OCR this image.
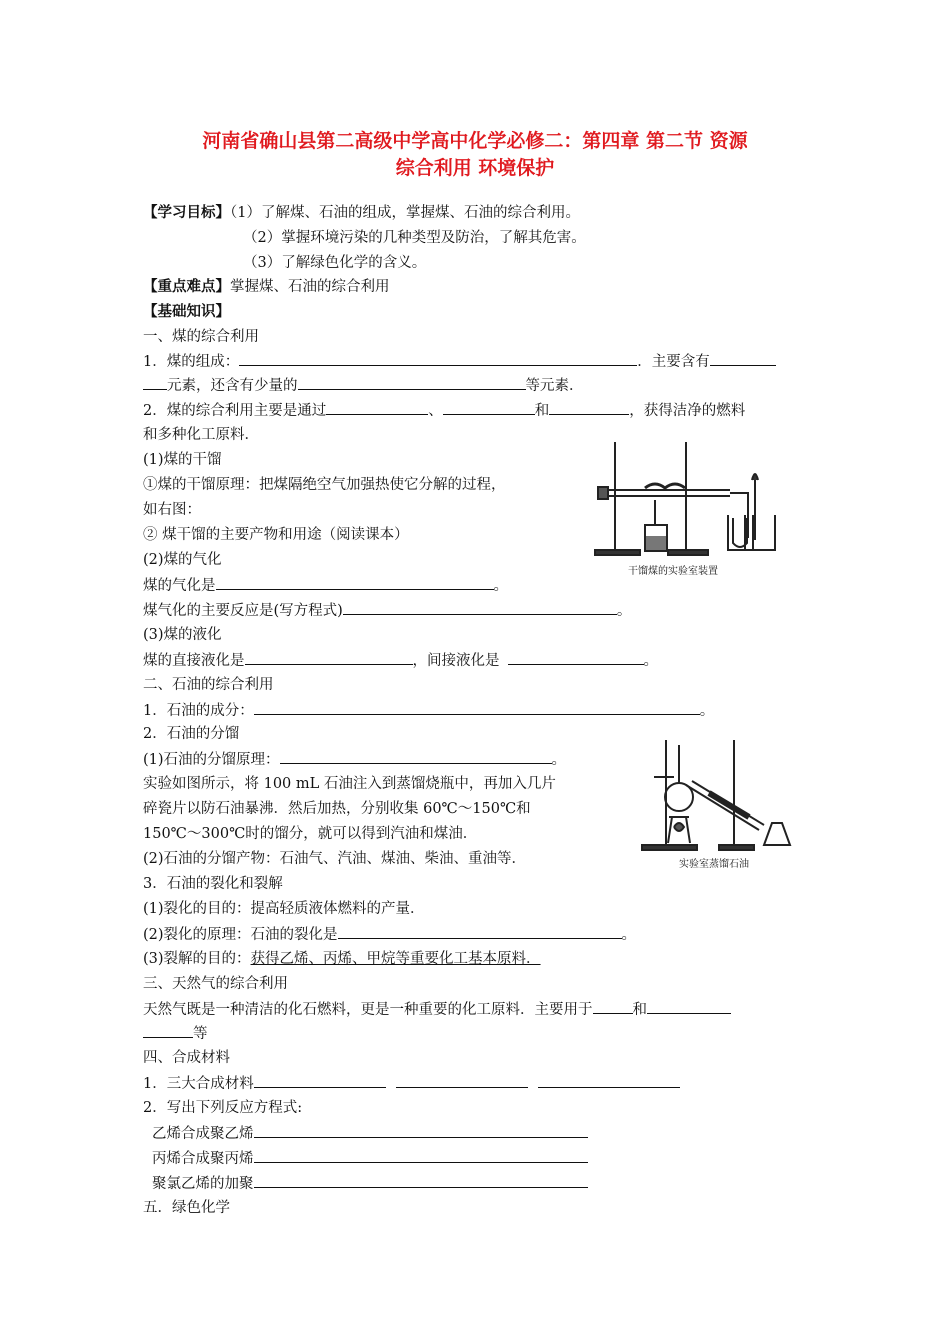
河南省确山县第二高级中学高中化学必修二：第四章 第二节 资源
综合利用 环境保护
【学习目标】（1）了解煤、石油的组成，掌握煤、石油的综合利用。
（2）掌握环境污染的几种类型及防治，了解其危害。
（3）了解绿色化学的含义。
【重点难点】掌握煤、石油的综合利用
【基础知识】
一、煤的综合利用
1．煤的组成：	．主要含有
元素，还含有少量的	等元素．
2．煤的综合利用主要是通过	、	和	，获得洁净的燃料
和多种化工原料．
(1)煤的干馏
①煤的干馏原理：把煤隔绝空气加强热使它分解的过程，
如右图：
② 煤干馏的主要产物和用途（阅读课本）
(2)煤的气化
煤的气化是	。
煤气化的主要反应是(写方程式)	。
(3)煤的液化
煤的直接液化是	，间接液化是	。
干馏煤的实验室装置
二、石油的综合利用
1．石油的成分：	。
2．石油的分馏
(1)石油的分馏原理：	。
实验如图所示，将 100 mL 石油注入到蒸馏烧瓶中，再加入几片
碎瓷片以防石油暴沸．然后加热，分别收集 60℃～150℃和
150℃～300℃时的馏分，就可以得到汽油和煤油．
(2)石油的分馏产物：石油气、汽油、煤油、柴油、重油等．
3．石油的裂化和裂解
(1)裂化的目的：提高轻质液体燃料的产量．
(2)裂化的原理：石油的裂化是	。
(3)裂解的目的：获得乙烯、丙烯、甲烷等重要化工基本原料．
实验室蒸馏石油
三、天然气的综合利用
天然气既是一种清洁的化石燃料，更是一种重要的化工原料．主要用于	和
等
四、合成材料
1．三大合成材料
2．写出下列反应方程式:
乙烯合成聚乙烯
丙烯合成聚丙烯
聚氯乙烯的加聚
五．绿色化学
